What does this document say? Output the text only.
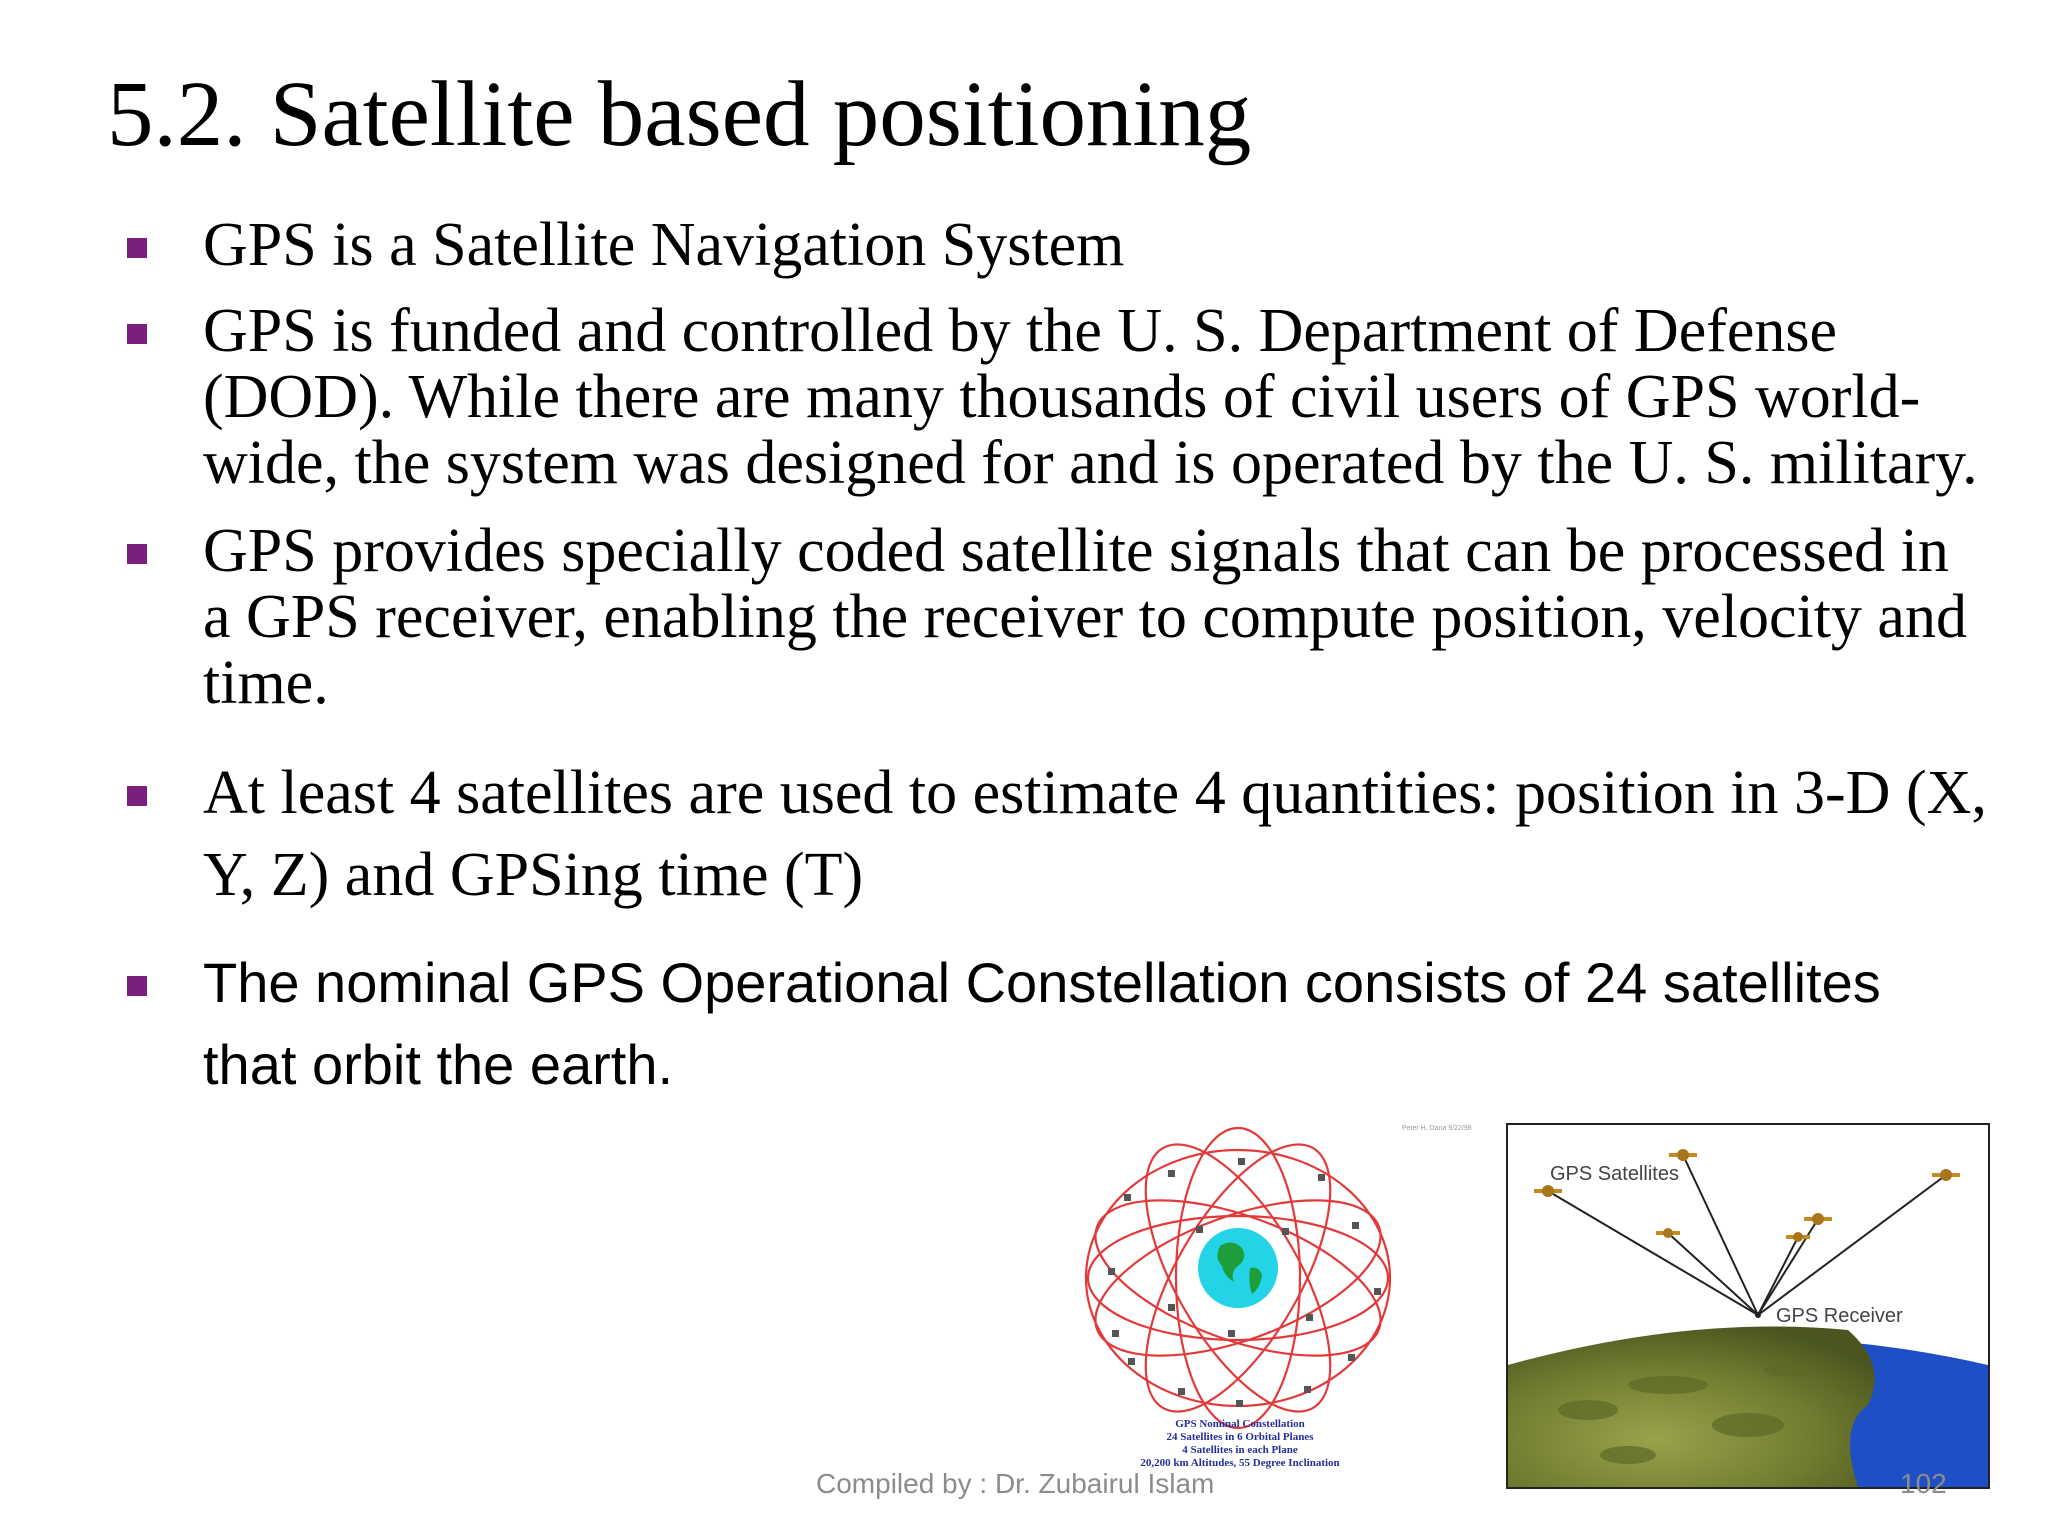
5.2. Satellite based positioning
GPS is a Satellite Navigation System
GPS is funded and controlled by the U. S. Department of Defense (DOD). While there are many thousands of civil users of GPS world-wide, the system was designed for and is operated by the U. S. military.
GPS provides specially coded satellite signals that can be processed in a GPS receiver, enabling the receiver to compute position, velocity and time.
At least 4 satellites are used to estimate 4 quantities: position in 3-D (X, Y, Z) and GPSing time (T)
The nominal GPS Operational Constellation consists of 24 satellites that orbit the earth.
Peter H. Dana 9/22/98
GPS Nominal Constellation
24 Satellites in 6 Orbital Planes
4 Satellites in each Plane
20,200 km Altitudes, 55 Degree Inclination
GPS Satellites
GPS Receiver
Compiled by : Dr. Zubairul Islam	102
